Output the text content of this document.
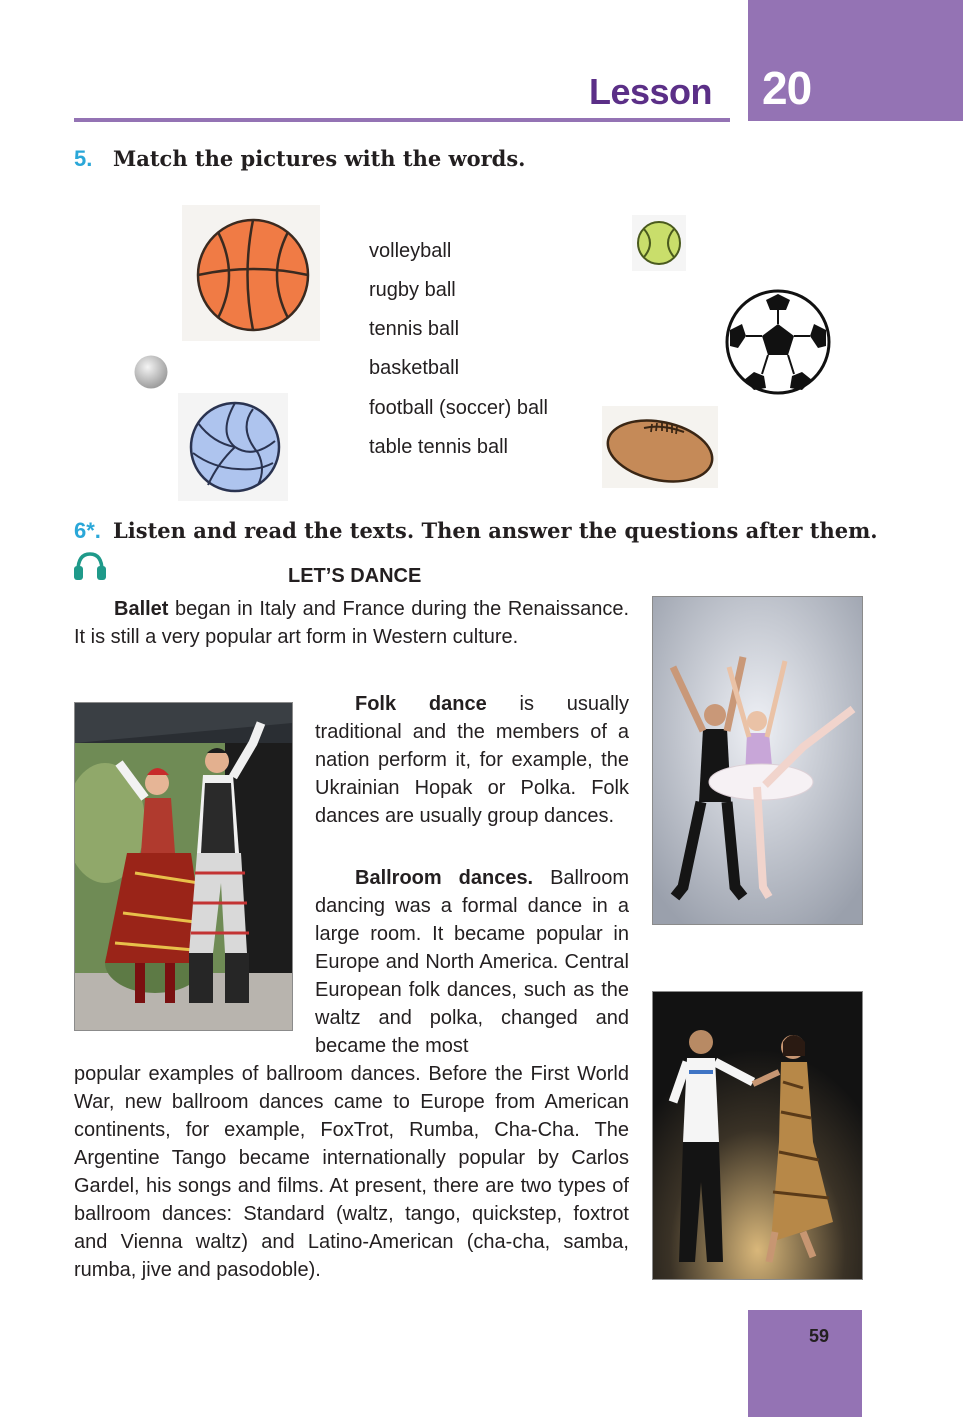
20
Lesson
5. Match the pictures with the words.
volleyball
rugby ball
tennis ball
basketball
football (soccer) ball
table tennis ball
6*. Listen and read the texts. Then answer the questions after them.
LET’S DANCE
Ballet began in Italy and France during the Renaissance. It is still a very popular art form in Western culture.
Folk dance is usually traditional and the members of a nation perform it, for example, the Ukrainian Hopak or Polka. Folk dances are usually group dances.
Ballroom dances. Ballroom dancing was a formal dance in a large room. It became popular in Europe and North America. Central European folk dances, such as the waltz and polka, changed and became the most
popular examples of ballroom dances. Before the First World War, new ballroom dances came to Europe from American continents, for example, FoxTrot, Rumba, Cha-Cha. The Argentine Tango became internationally popular by Carlos Gardel, his songs and films. At present, there are two types of ballroom dances: Standard (waltz, tango, quickstep, foxtrot and Vienna waltz) and Latino-American (cha-cha, samba, rumba, jive and pasodoble).
59
